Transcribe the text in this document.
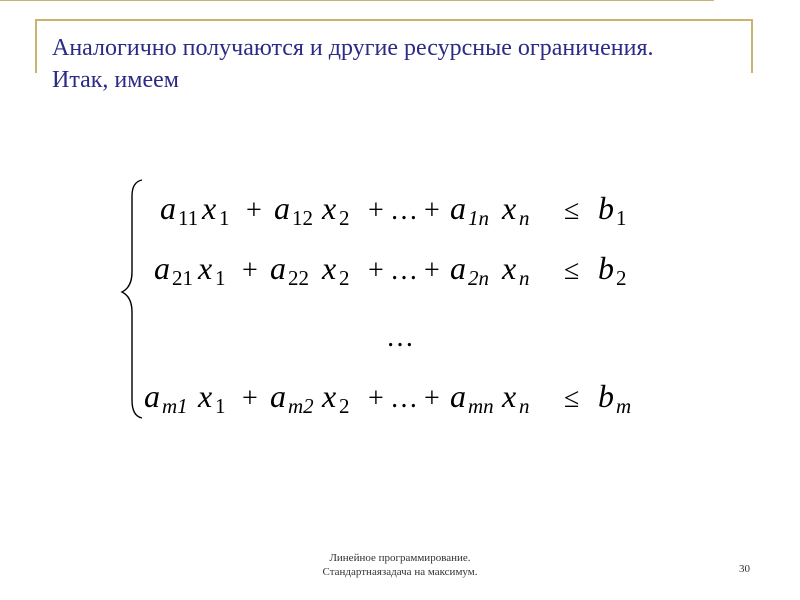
Аналогично получаются и другие ресурсные ограничения.
Итак, имеем
a 11 x 1 + a 12 x 2 + … + a 1n x n ≤ b 1
a 21 x 1 + a 22 x 2 + … + a 2n x n ≤ b 2
…
a m1 x 1 + a m2 x 2 + … + a mn x n ≤ b m
Линейное программирование.
Стандартнаязадача на максимум.	30
